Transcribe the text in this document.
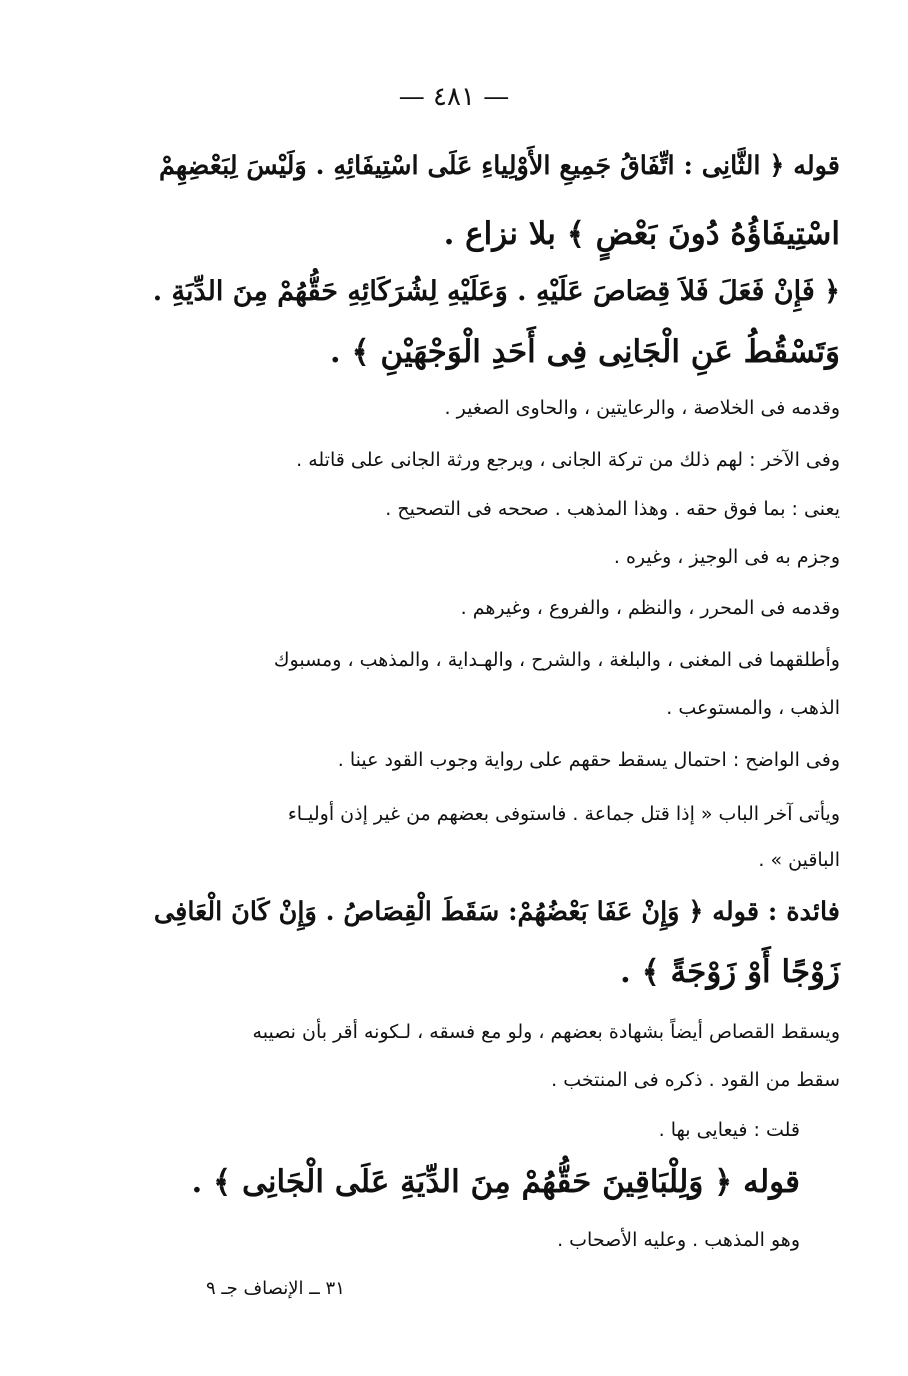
— ٤٨١ —
قوله ﴿ الثَّانِى : اتِّفَاقُ جَمِيعِ الأَوْلِياءِ عَلَى اسْتِيفَائِهِ . وَلَيْسَ لِبَعْضِهِمْ
اسْتِيفَاؤُهُ دُونَ بَعْضٍ ﴾ بلا نزاع .
﴿ فَإِنْ فَعَلَ فَلاَ قِصَاصَ عَلَيْهِ . وَعَلَيْهِ لِشُرَكَائِهِ حَقُّهُمْ مِنَ الدِّيَةِ .
وَتَسْقُطُ عَنِ الْجَانِى فِى أَحَدِ الْوَجْهَيْنِ ﴾ .
وقدمه فى الخلاصة ، والرعايتين ، والحاوى الصغير .
وفى الآخر : لهم ذلك من تركة الجانى ، ويرجع ورثة الجانى على قاتله .
يعنى : بما فوق حقه . وهذا المذهب . صححه فى التصحيح .
وجزم به فى الوجيز ، وغيره .
وقدمه فى المحرر ، والنظم ، والفروع ، وغيرهم .
وأطلقهما فى المغنى ، والبلغة ، والشرح ، والهـداية ، والمذهب ، ومسبوك
الذهب ، والمستوعب .
وفى الواضح : احتمال يسقط حقهم على رواية وجوب القود عينا .
ويأتى آخر الباب « إذا قتل جماعة . فاستوفى بعضهم من غير إذن أوليـاء
الباقين » .
فائدة : قوله ﴿ وَإِنْ عَفَا بَعْضُهُمْ: سَقَطَ الْقِصَاصُ . وَإِنْ كَانَ الْعَافِى
زَوْجًا أَوْ زَوْجَةً ﴾ .
ويسقط القصاص أيضاً بشهادة بعضهم ، ولو مع فسقه ، لـكونه أقر بأن نصيبه
سقط من القود . ذكره فى المنتخب .
قلت : فيعايى بها .
قوله ﴿ وَلِلْبَاقِينَ حَقُّهُمْ مِنَ الدِّيَةِ عَلَى الْجَانِى ﴾ .
وهو المذهب . وعليه الأصحاب .
٣١ ــ الإنصاف جـ ٩
